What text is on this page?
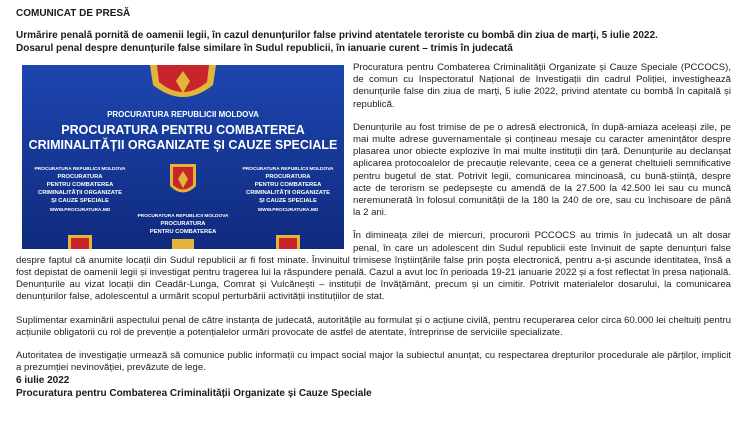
COMUNICAT DE PRESĂ
Urmărire penală pornită de oamenii legii, în cazul denunțurilor false privind atentatele teroriste cu bombă din ziua de marți, 5 iulie 2022.
Dosarul penal despre denunțurile false similare în Sudul republicii, în ianuarie curent – trimis în judecată
PROCURATURA REPUBLICII MOLDOVA
PROCURATURA PENTRU COMBATEREA
CRIMINALITĂȚII ORGANIZATE ȘI CAUZE SPECIALE
PROCURATURA REPUBLICII MOLDOVA
PROCURATURA
PENTRU COMBATEREA
CRIMINALITĂȚII ORGANIZATE
ȘI CAUZE SPECIALE
WWW.PROCURATURA.MD
PROCURATURA REPUBLICII MOLDOVA
PROCURATURA
PENTRU COMBATEREA
CRIMINALITĂȚII ORGANIZATE
ȘI CAUZE SPECIALE
WWW.PROCURATURA.MD
PROCURATURA REPUBLICII MOLDOVA
PROCURATURA
PENTRU COMBATEREA

Procuratura pentru Combaterea Criminalității Organizate și Cauze Speciale (PCCOCS), de comun cu Inspectoratul Național de Investigații din cadrul Poliției, investighează denunțurile false din ziua de marți, 5 iulie 2022, privind atentate cu bombă în capitală și republică.

Denunțurile au fost trimise de pe o adresă electronică, în după-amiaza aceleași zile, pe mai multe adrese guvernamentale și conțineau mesaje cu caracter amenințător despre plasarea unor obiecte explozive în mai multe instituții din țară. Denunțurile au declanșat aplicarea protocoalelor de precauție relevante, ceea ce a generat cheltuieli semnificative pentru bugetul de stat. Potrivit legii, comunicarea mincinoasă, cu bună-știință, despre acte de terorism se pedepsește cu amendă de la 27.500 la 42.500 lei sau cu muncă neremunerată în folosul comunității de la 180 la 240 de ore, sau cu închisoare de până la 2 ani.

În dimineața zilei de miercuri, procurorii PCCOCS au trimis în judecată un alt dosar penal, în care un adolescent din Sudul republicii este învinuit de șapte denunțuri false despre faptul că anumite locații din Sudul republicii ar fi fost minate. Învinuitul trimisese înștiințările false prin poșta electronică, pentru a-și ascunde identitatea, însă a fost depistat de oamenii legii și investigat pentru tragerea lui la răspundere penală. Cazul a avut loc în perioada 19-21 ianuarie 2022 și a fost reflectat în presa națională. Denunțurile au vizat locații din Ceadâr-Lunga, Comrat și Vulcănești – instituții de învățământ, precum și un cimitir. Potrivit materialelor dosarului, la comunicarea denunțurilor false, adolescentul a urmărit scopul perturbării activității instituțiilor de stat.

Suplimentar examinării aspectului penal de către instanța de judecată, autoritățile au formulat și o acțiune civilă, pentru recuperarea celor circa 60.000 lei cheltuiți pentru acțiunile obligatorii cu rol de prevenție a potențialelor urmări provocate de astfel de atentate, întreprinse de serviciile specializate.

Autoritatea de investigație urmează să comunice public informații cu impact social major la subiectul anunțat, cu respectarea drepturilor procedurale ale părților, implicit a prezumției nevinovăției, prevăzute de lege.

6 iulie 2022
Procuratura pentru Combaterea Criminalității Organizate și Cauze Speciale
